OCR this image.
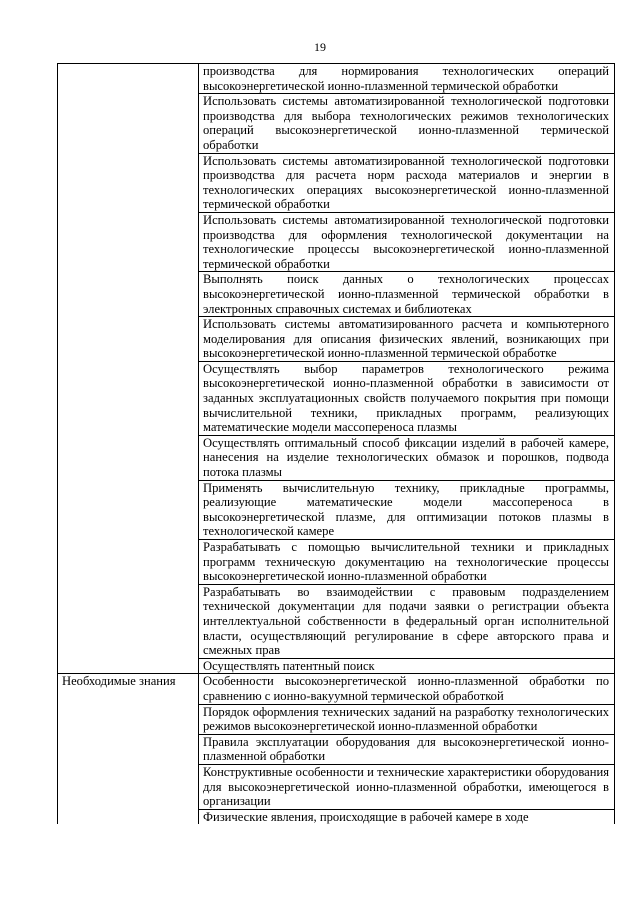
19
	производства для нормирования технологических операций высокоэнергетической ионно-плазменной термической обработки
	Использовать системы автоматизированной технологической подготовки производства для выбора технологических режимов технологических операций высокоэнергетической ионно-плазменной термической обработки
	Использовать системы автоматизированной технологической подготовки производства для расчета норм расхода материалов и энергии в технологических операциях высокоэнергетической ионно-плазменной термической обработки
	Использовать системы автоматизированной технологической подготовки производства для оформления технологической документации на технологические процессы высокоэнергетической ионно-плазменной термической обработки
	Выполнять поиск данных о технологических процессах высокоэнергетической ионно-плазменной термической обработки в электронных справочных системах и библиотеках
	Использовать системы автоматизированного расчета и компьютерного моделирования для описания физических явлений, возникающих при высокоэнергетической ионно-плазменной термической обработке
	Осуществлять выбор параметров технологического режима высокоэнергетической ионно-плазменной обработки в зависимости от заданных эксплуатационных свойств получаемого покрытия при помощи вычислительной техники, прикладных программ, реализующих математические модели массопереноса плазмы
	Осуществлять оптимальный способ фиксации изделий в рабочей камере, нанесения на изделие технологических обмазок и порошков, подвода потока плазмы
	Применять вычислительную технику, прикладные программы, реализующие математические модели массопереноса в высокоэнергетической плазме, для оптимизации потоков плазмы в технологической камере
	Разрабатывать с помощью вычислительной техники и прикладных программ техническую документацию на технологические процессы высокоэнергетической ионно-плазменной обработки
	Разрабатывать во взаимодействии с правовым подразделением технической документации для подачи заявки о регистрации объекта интеллектуальной собственности в федеральный орган исполнительной власти, осуществляющий регулирование в сфере авторского права и смежных прав
	Осуществлять патентный поиск
Необходимые знания	Особенности высокоэнергетической ионно-плазменной обработки по сравнению с ионно-вакуумной термической обработкой
	Порядок оформления технических заданий на разработку технологических режимов высокоэнергетической ионно-плазменной обработки
	Правила эксплуатации оборудования для высокоэнергетической ионно-плазменной обработки
	Конструктивные особенности и технические характеристики оборудования для высокоэнергетической ионно-плазменной обработки, имеющегося в организации
	Физические явления, происходящие в рабочей камере в ходе
